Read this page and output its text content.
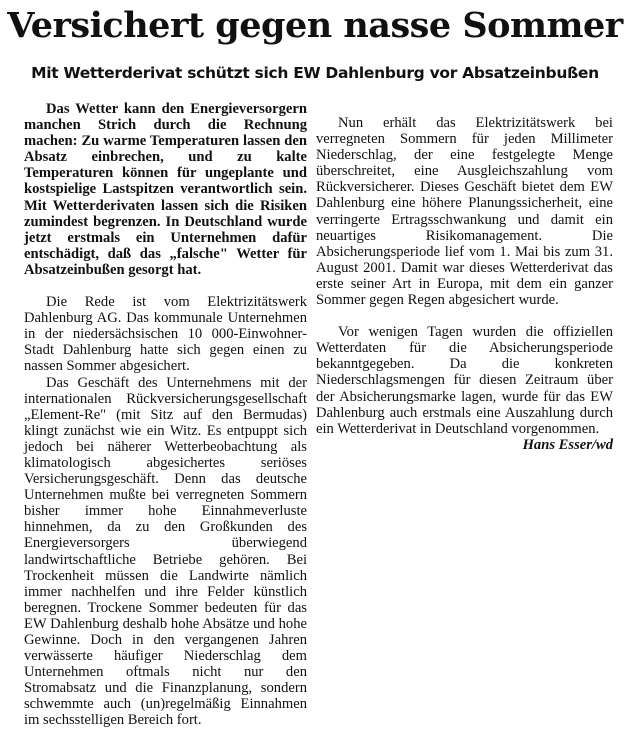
Versichert gegen nasse Sommer
Mit Wetterderivat schützt sich EW Dahlenburg vor Absatzeinbußen

Das Wetter kann den Energieversorgern manchen Strich durch die Rechnung machen: Zu warme Temperaturen lassen den Absatz einbrechen, und zu kalte Temperaturen können für ungeplante und kostspielige Lastspitzen verantwortlich sein. Mit Wetterderivaten lassen sich die Risiken zumindest begrenzen. In Deutschland wurde jetzt erstmals ein Unternehmen dafür entschädigt, daß das „falsche" Wetter für Absatzeinbußen gesorgt hat.

Die Rede ist vom Elektrizitätswerk Dahlenburg AG. Das kommunale Unternehmen in der niedersächsischen 10 000-Einwohner-Stadt Dahlenburg hatte sich gegen einen zu nassen Sommer abgesichert.

Das Geschäft des Unternehmens mit der internationalen Rückversicherungsgesellschaft „Element-Re" (mit Sitz auf den Bermudas) klingt zunächst wie ein Witz. Es entpuppt sich jedoch bei näherer Wetterbeobachtung als klimatologisch abgesichertes seriöses Versicherungsgeschäft. Denn das deutsche Unternehmen mußte bei verregneten Sommern bisher immer hohe Einnahmeverluste hinnehmen, da zu den Großkunden des Energieversorgers überwiegend landwirtschaftliche Betriebe gehören. Bei Trockenheit müssen die Landwirte nämlich immer nachhelfen und ihre Felder künstlich beregnen. Trockene Sommer bedeuten für das EW Dahlenburg deshalb hohe Absätze und hohe Gewinne. Doch in den vergangenen Jahren verwässerte häufiger Niederschlag dem Unternehmen oftmals nicht nur den Stromabsatz und die Finanzplanung, sondern schwemmte auch (un)regelmäßig Einnahmen im sechsstelligen Bereich fort.

Nun erhält das Elektrizitätswerk bei verregneten Sommern für jeden Millimeter Niederschlag, der eine festgelegte Menge überschreitet, eine Ausgleichszahlung vom Rückversicherer. Dieses Geschäft bietet dem EW Dahlenburg eine höhere Planungssicherheit, eine verringerte Ertragsschwankung und damit ein neuartiges Risikomanagement. Die Absicherungsperiode lief vom 1. Mai bis zum 31. August 2001. Damit war dieses Wetterderivat das erste seiner Art in Europa, mit dem ein ganzer Sommer gegen Regen abgesichert wurde.

Vor wenigen Tagen wurden die offiziellen Wetterdaten für die Absicherungsperiode bekanntgegeben. Da die konkreten Niederschlagsmengen für diesen Zeitraum über der Absicherungsmarke lagen, wurde für das EW Dahlenburg auch erstmals eine Auszahlung durch ein Wetterderivat in Deutschland vorgenommen.
Hans Esser/wd
